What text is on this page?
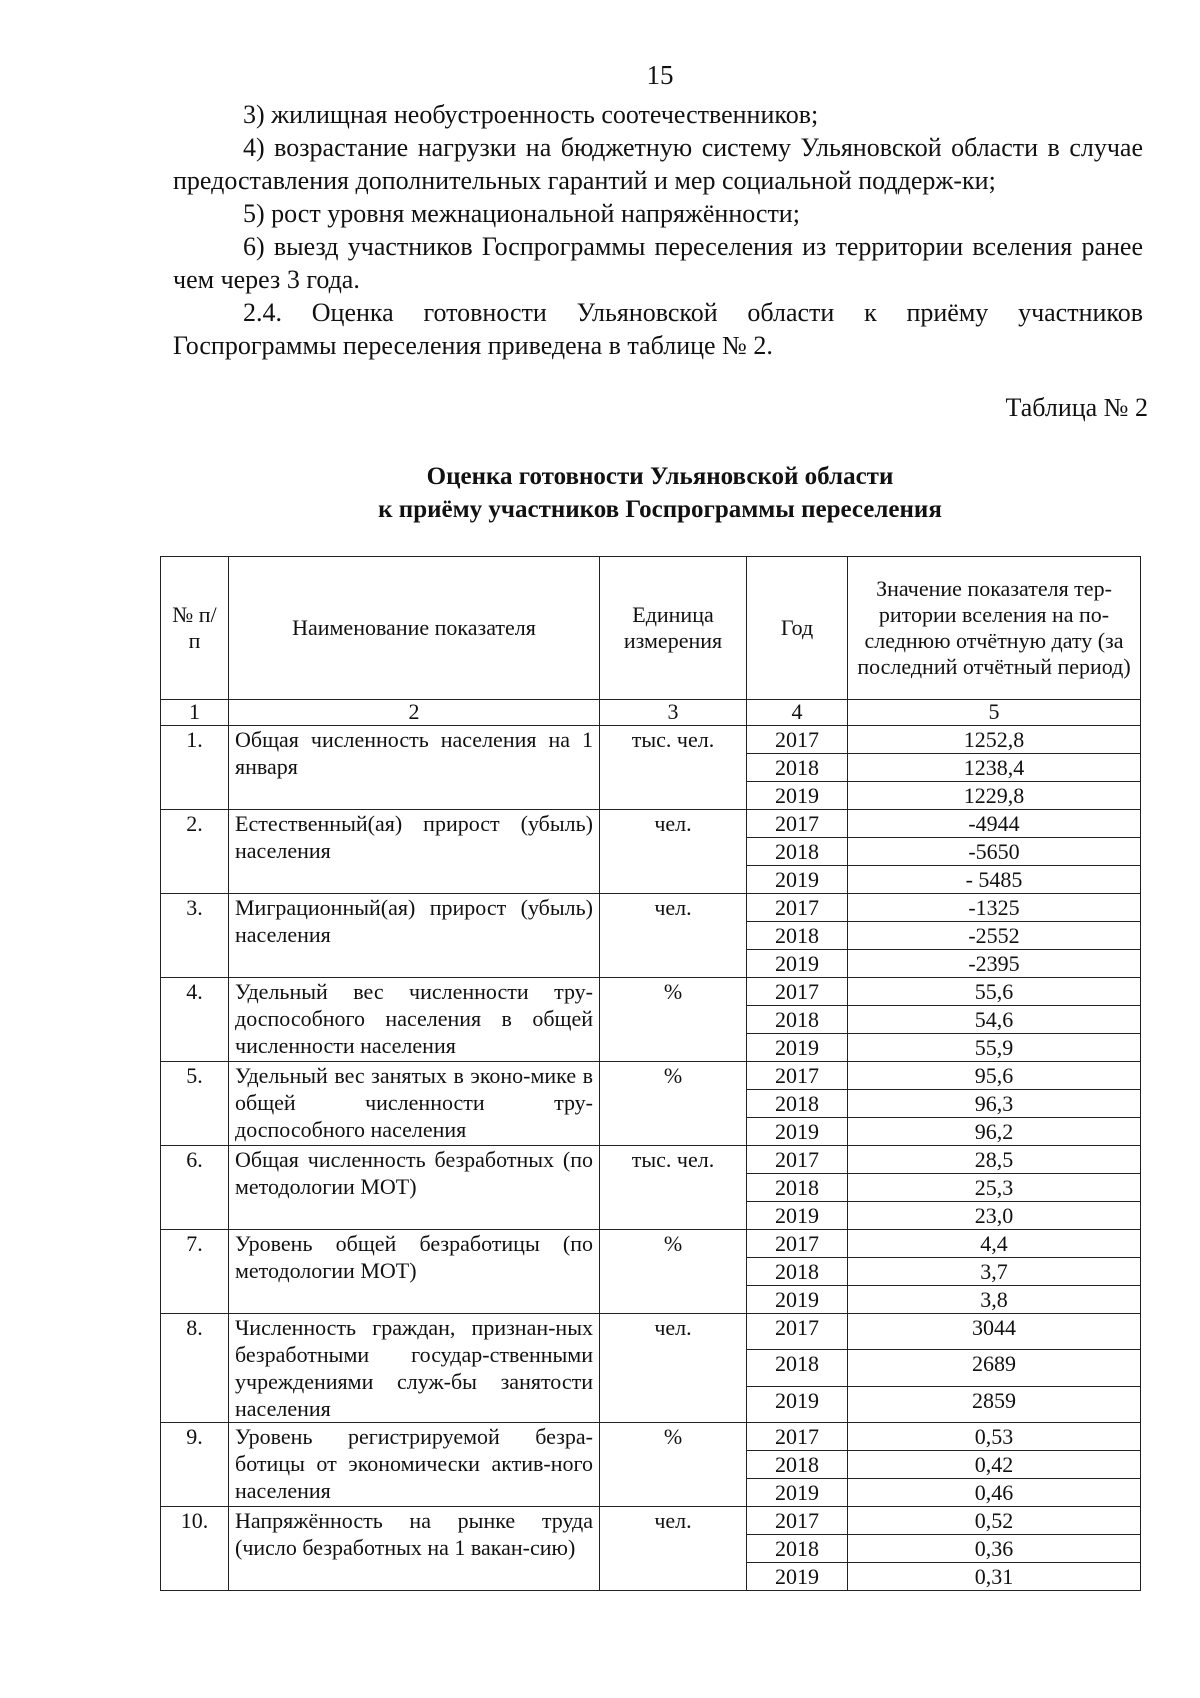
15

3) жилищная необустроенность соотечественников;

4) возрастание нагрузки на бюджетную систему Ульяновской области в случае предоставления дополнительных гарантий и мер социальной поддерж-ки;

5) рост уровня межнациональной напряжённости;

6) выезд участников Госпрограммы переселения из территории вселения ранее чем через 3 года.

2.4. Оценка готовности Ульяновской области к приёму участников Госпрограммы переселения приведена в таблице № 2.

Таблица № 2
Оценка готовности Ульяновской области
к приёму участников Госпрограммы переселения
№ п/п	Наименование показателя	Единица измерения	Год	Значение показателя тер-ритории вселения на по-следнюю отчётную дату (за последний отчётный период)
1	2	3	4	5
1.	Общая численность населения на 1 января	тыс. чел.	2017	1252,8
			2018	1238,4
			2019	1229,8
2.	Естественный(ая) прирост (убыль) населения	чел.	2017	-4944
			2018	-5650
			2019	- 5485
3.	Миграционный(ая) прирост (убыль) населения	чел.	2017	-1325
			2018	-2552
			2019	-2395
4.	Удельный вес численности тру-доспособного населения в общей численности населения	%	2017	55,6
			2018	54,6
			2019	55,9
5.	Удельный вес занятых в эконо-мике в общей численности тру-доспособного населения	%	2017	95,6
			2018	96,3
			2019	96,2
6.	Общая численность безработных (по методологии МОТ)	тыс. чел.	2017	28,5
			2018	25,3
			2019	23,0
7.	Уровень общей безработицы (по методологии МОТ)	%	2017	4,4
			2018	3,7
			2019	3,8
8.	Численность граждан, признан-ных безработными государ-ственными учреждениями служ-бы занятости населения	чел.	2017	3044
			2018	2689
			2019	2859
9.	Уровень регистрируемой безра-ботицы от экономически актив-ного населения	%	2017	0,53
			2018	0,42
			2019	0,46
10.	Напряжённость на рынке труда (число безработных на 1 вакан-сию)	чел.	2017	0,52
			2018	0,36
			2019	0,31
